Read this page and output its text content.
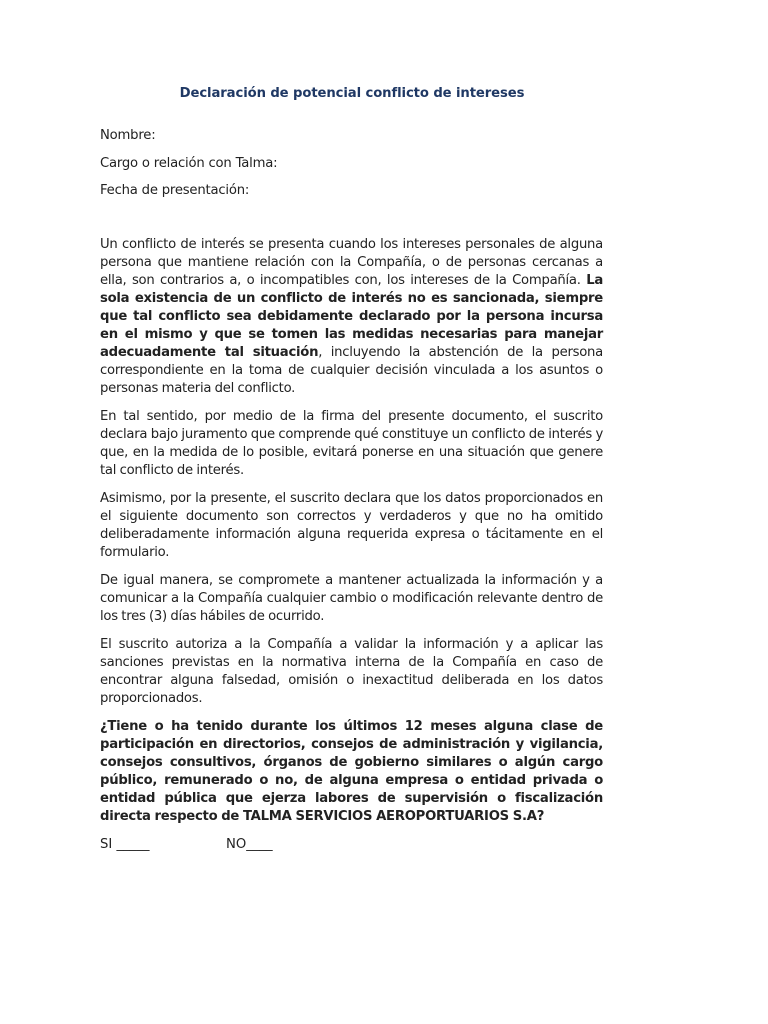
Declaración de potencial conflicto de intereses
Nombre:
Cargo o relación con Talma:
Fecha de presentación:

Un conflicto de interés se presenta cuando los intereses personales de alguna persona que mantiene relación con la Compañía, o de personas cercanas a ella, son contrarios a, o incompatibles con, los intereses de la Compañía. La sola existencia de un conflicto de interés no es sancionada, siempre que tal conflicto sea debidamente declarado por la persona incursa en el mismo y que se tomen las medidas necesarias para manejar adecuadamente tal situación, incluyendo la abstención de la persona correspondiente en la toma de cualquier decisión vinculada a los asuntos o personas materia del conflicto.

En tal sentido, por medio de la firma del presente documento, el suscrito declara bajo juramento que comprende qué constituye un conflicto de interés y que, en la medida de lo posible, evitará ponerse en una situación que genere tal conflicto de interés.

Asimismo, por la presente, el suscrito declara que los datos proporcionados en el siguiente documento son correctos y verdaderos y que no ha omitido deliberadamente información alguna requerida expresa o tácitamente en el formulario.

De igual manera, se compromete a mantener actualizada la información y a comunicar a la Compañía cualquier cambio o modificación relevante dentro de los tres (3) días hábiles de ocurrido.

El suscrito autoriza a la Compañía a validar la información y a aplicar las sanciones previstas en la normativa interna de la Compañía en caso de encontrar alguna falsedad, omisión o inexactitud deliberada en los datos proporcionados.

¿Tiene o ha tenido durante los últimos 12 meses alguna clase de participación en directorios, consejos de administración y vigilancia, consejos consultivos, órganos de gobierno similares o algún cargo público, remunerado o no, de alguna empresa o entidad privada o entidad pública que ejerza labores de supervisión o fiscalización directa respecto de TALMA SERVICIOS AEROPORTUARIOS S.A?

SI _____	NO____
